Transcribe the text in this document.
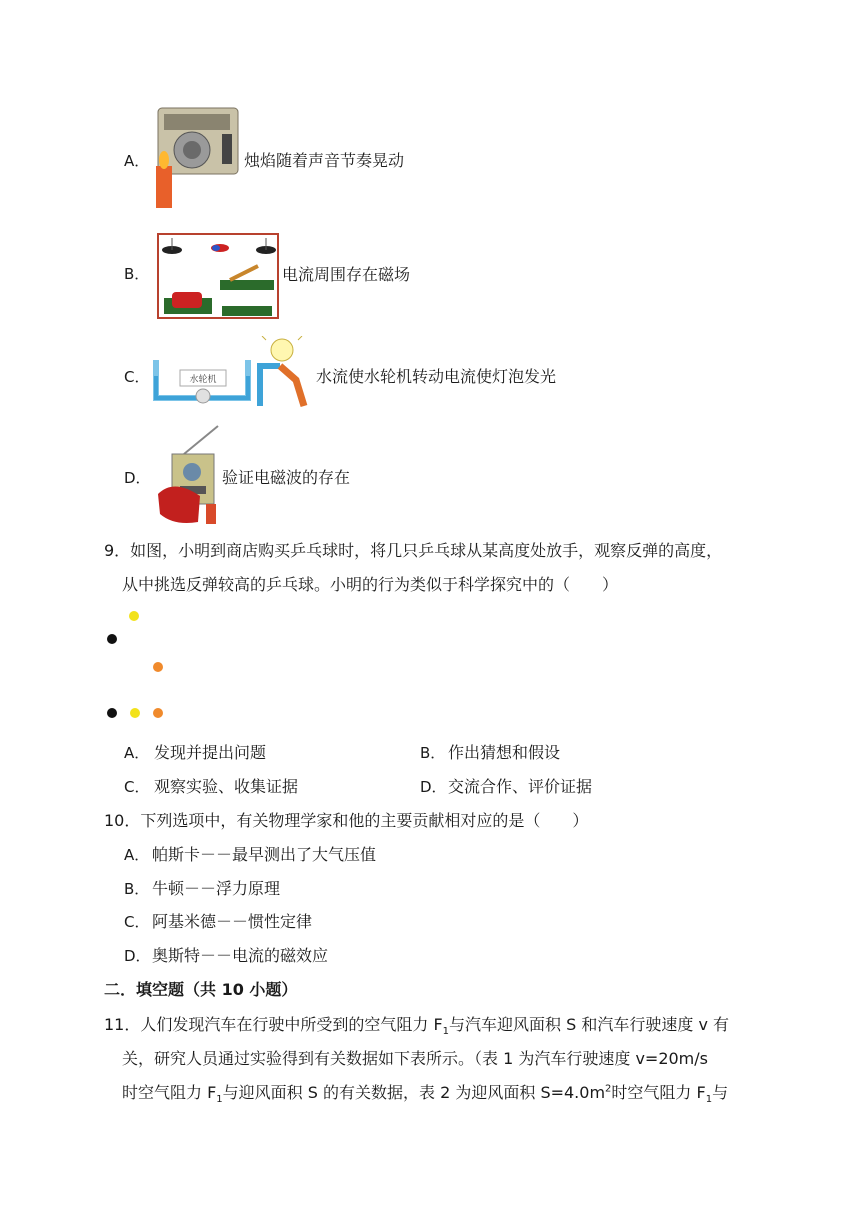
A．	烛焰随着声音节奏晃动
B．	电流周围存在磁场
C．	水轮机	水流使水轮机转动电流使灯泡发光
D．	验证电磁波的存在
9．如图，小明到商店购买乒乓球时，将几只乒乓球从某高度处放手，观察反弹的高度，
从中挑选反弹较高的乒乓球。小明的行为类似于科学探究中的（　　）
A． 发现并提出问题	B． 作出猜想和假设
C． 观察实验、收集证据	D． 交流合作、评价证据
10．下列选项中，有关物理学家和他的主要贡献相对应的是（　　）
A． 帕斯卡－－最早测出了大气压值
B． 牛顿－－浮力原理
C． 阿基米德－－惯性定律
D． 奥斯特－－电流的磁效应
二．填空题（共 10 小题）
11．人们发现汽车在行驶中所受到的空气阻力 $F_1$与汽车迎风面积 S 和汽车行驶速度 v 有
关，研究人员通过实验得到有关数据如下表所示。（表 1 为汽车行驶速度 v=20m/s
时空气阻力 $F_1$与迎风面积 S 的有关数据，表 2 为迎风面积 $S=4.0m^2$时空气阻力 $F_1$与
